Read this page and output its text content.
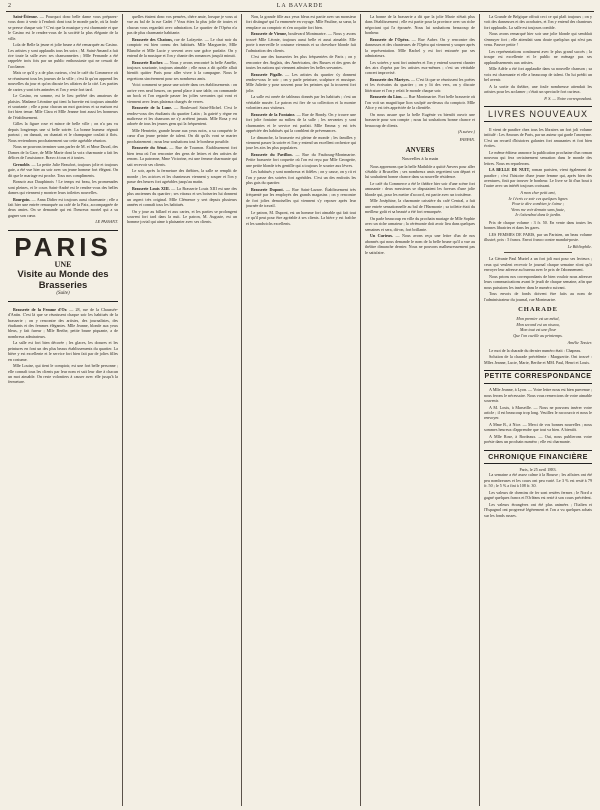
2	LA BAVARDE

Saint-Étienne. — Pourquoi donc belle dame vous préparez-vous donc à venir à l'endroit dont tout le monde parle, où la foule se presse chaque soir ? C'est que la musique y est charmante et que le Casino est le rendez-vous de la société la plus élégante de la ville.

Lola de Belle la jeune et jolie brune a été remarquée au Casino. Les artistes y sont applaudis tous les soirs ; M. Saint-Amand a fait rire toute la salle avec ses chansonnettes ; Mlle Fernande a été rappelée trois fois par un public enthousiaste qui ne cessait de l'acclamer.

Mais ce qu'il y a de plus curieux, c'est le café du Commerce où se réunissent tous les joueurs de la ville ; c'est là qu'on apprend les nouvelles du jour et qu'on discute les affaires de la cité. Les parties de cartes y sont très animées et l'on y reste fort tard.

Le Casino, en somme, est le lieu préféré des amateurs de plaisirs. Madame Léontine qui tient la buvette est toujours aimable et souriante ; elle a pour chacun un mot gracieux et sa maison est fort bien tenue. Mlle Clara et Mlle Jeanne font aussi les honneurs de l'établissement.

Gilles la figure rose et mince de belle ville ; on n'a pas vu depuis longtemps une si belle soirée. La bonne humeur régnait partout ; on dansait, on chantait et le champagne coulait à flots. Nous reviendrons prochainement sur cette agréable réunion.

Nous ne pouvons terminer sans parler de M. et Mme Duval, des Dames de la Gare, de Mlle Marie dont la voix charmante a fait les délices de l'assistance. Bravo à tous et à toutes.

Grenoble. — La petite Julie Beaufort, toujours jolie et toujours gaie, a été vue hier au soir avec un jeune homme fort élégant. On dit que le mariage est proche. Tous nos compliments.

Bonsoir aux Dauphinois ! Le temps est beau, les promenades sont pleines, et le cours Saint-André est le rendez-vous des belles dames qui viennent y montrer leurs toilettes nouvelles.

Bourgoin. — Anna Didier est toujours aussi charmante ; elle a fait hier une entrée remarquée au café de la Paix, accompagnée de deux amies. On se demande qui est l'heureux mortel qui a su gagner son cœur.

LE PASSANT.
PARIS
UNE
Visite au Monde des Brasseries
(Suite)

Brasserie de la Femme d'Or. — 28, rue de la Chaussée-d'Antin. C'est là que se réunissent chaque soir les habitués de la brasserie ; on y rencontre des artistes, des journalistes, des étudiants et des femmes élégantes. Mlle Jeanne, blonde aux yeux bleus, y fait fureur ; Mlle Berthe, petite brune piquante, a de nombreux admirateurs.

La salle est fort bien décorée ; les glaces, les dorures et les peintures en font un des plus beaux établissements du quartier. La bière y est excellente et le service fort bien fait par de jolies filles en costume.

Mlle Louise, qui tient le comptoir, est une fort belle personne ; elle connaît tous les clients par leur nom et sait leur dire à chacun un mot aimable. On reste volontiers à causer avec elle jusqu'à la fermeture.

quelles étaient donc vos pensées, chère amie, lorsque je vous ai vue au bal de la rue Cadet ? Vous étiez la plus jolie de toutes et chacun vous regardait avec admiration. Le quartier de l'Opéra n'a pas de plus charmante habitante.

Brasserie des Chatons, rue de Lafayette. — Le chat noir du comptoir est bien connu des habitués. Mlle Marguerite, Mlle Blanche et Mlle Lucie y servent avec une grâce parfaite. On y entend de la musique et l'on y chante des romances jusqu'à minuit.

Brasserie Rocher. — Nous y avons rencontré la belle Amélie, toujours souriante, toujours aimable ; elle nous a dit qu'elle allait bientôt quitter Paris pour aller vivre à la campagne. Nous le regrettons sincèrement pour ses nombreux amis.

Voici comment se passe une soirée dans ces établissements : on arrive vers neuf heures, on prend place à une table, on commande un bock et l'on regarde passer les jolies servantes qui vont et viennent avec leurs plateaux chargés de verres.

Brasserie de la Lune. — Boulevard Saint-Michel. C'est le rendez-vous des étudiants du quartier Latin ; la gaieté y règne en maîtresse et les chansons ne s'y arrêtent jamais. Mlle Rosa y est adorée de tous les jeunes gens qui la fréquentent.

Mlle Henriette, grande brune aux yeux noirs, a su conquérir le cœur d'un jeune peintre de talent. On dit qu'ils vont se marier prochainement ; nous leur souhaitons tout le bonheur possible.

Brasserie du Sénat. — Rue de Tournon. Établissement fort bien tenu où l'on rencontre des gens de lettres et des artistes de renom. La patronne, Mme Victorine, est une femme charmante qui sait recevoir ses clients.

Le soir, après la fermeture des théâtres, la salle se remplit de monde ; les actrices et les chanteuses viennent y souper et l'on y passe des heures fort agréables jusqu'au matin.

Brasserie Louis XIII. — La Brasserie Louis XIII est une des plus anciennes du quartier ; ses vitraux et ses boiseries lui donnent un aspect très original. Mlle Clémence y sert depuis plusieurs années et connaît tous les habitués.

On y joue au billard et aux cartes, et les parties se prolongent souvent fort tard dans la nuit. Le patron, M. Auguste, est un homme jovial qui aime à plaisanter avec ses clients.

Non, la grande fille aux yeux bleus est partie avec un monsieur fort distingué qui l'a emmenée en voyage. Mlle Pauline, sa sœur, la remplace au comptoir et s'en acquitte fort bien.

Brasserie de Vienne, boulevard Montmartre. — Nous y avons trouvé Mlle Léonie, toujours aussi belle et aussi aimable. Elle porte à merveille le costume viennois et sa chevelure blonde fait l'admiration des clients.

C'est une des brasseries les plus fréquentées de Paris ; on y rencontre des Anglais, des Américains, des Russes et des gens de toutes les nations qui viennent admirer les belles servantes.

Brasserie Pigalle. — Les artistes du quartier s'y donnent rendez-vous le soir ; on y parle peinture, sculpture et musique. Mlle Juliette y pose souvent pour les peintres qui la trouvent fort jolie.

La salle est ornée de tableaux donnés par les habitués ; c'est un véritable musée. Le patron est fier de sa collection et la montre volontiers aux visiteurs.

Brasserie de la Fontaine. — Rue de Bondy. On y trouve une fort jolie fontaine au milieu de la salle ; les servantes y sont charmantes et le service est parfait. Mlle Emma y est très appréciée des habitués qui la comblent de prévenances.

Le dimanche, la brasserie est pleine de monde ; les familles y viennent passer la soirée et l'on y entend un excellent orchestre qui joue les airs les plus populaires.

Brasserie du Pavillon. — Rue du Faubourg-Montmartre. Petite brasserie fort coquette où l'on est reçu par Mlle Georgette, une petite blonde très gentille qui a toujours le sourire aux lèvres.

Les habitués y sont nombreux et fidèles ; on y cause, on y rit et l'on y passe des soirées fort agréables. C'est un des endroits les plus gais du quartier.

Brasserie Dupont. — Rue Saint-Lazare. Établissement très fréquenté par les employés des grands magasins ; on y rencontre de fort jolies demoiselles qui viennent s'y reposer après leur journée de travail.

Le patron, M. Dupont, est un homme fort aimable qui fait tout ce qu'il peut pour être agréable à ses clients. La bière y est fraîche et les sandwichs excellents.

La bonne de la brasserie a dit que la jolie Marie n'était plus dans l'établissement ; elle est partie pour la province avec un riche négociant qui l'a épousée. Nous lui souhaitons beaucoup de bonheur.

Brasserie de l'Opéra. — Rue Auber. On y rencontre des danseuses et des chanteuses de l'Opéra qui viennent y souper après la représentation. Mlle Rachel y est fort entourée par ses admirateurs.

Les soirées y sont fort animées et l'on y entend souvent chanter des airs d'opéra par les artistes eux-mêmes ; c'est un véritable concert improvisé.

Brasserie des Martyrs. — C'est là que se réunissent les poètes et les écrivains du quartier ; on y lit des vers, on y discute littérature et l'on y refait le monde chaque soir.

Brasserie du Lion. — Rue Montmartre. Fort belle brasserie où l'on voit un magnifique lion sculpté au-dessus du comptoir. Mlle Alice y est très appréciée de la clientèle.

On nous assure que la belle Eugénie va bientôt ouvrir une brasserie pour son compte ; nous lui souhaitons bonne chance et beaucoup de clients.

(A suivre.)
FANFAN.
ANVERS
Nouvelles à la main

Nous apprenons que la belle Mathilde a quitté Anvers pour aller s'établir à Bruxelles ; ses nombreux amis regrettent son départ et lui souhaitent bonne chance dans sa nouvelle résidence.

Le café du Commerce a été le théâtre hier soir d'une scène fort amusante : deux messieurs se disputaient les faveurs d'une jolie blonde qui, pour les mettre d'accord, est partie avec un troisième.

Mlle Joséphine, la charmante caissière du café Central, a fait une entrée sensationnelle au bal de l'Harmonie ; sa toilette était du meilleur goût et sa beauté a été fort remarquée.

On parle beaucoup en ville du prochain mariage de Mlle Sophie avec un riche armateur ; la cérémonie doit avoir lieu dans quelques semaines et sera, dit-on, fort brillante.

Un Curieux. — Nous avons reçu une lettre d'un de nos abonnés qui nous demande le nom de la belle brune qu'il a vue au théâtre dimanche dernier. Nous ne pouvons malheureusement pas le satisfaire.

La Grande de Belgique offrait ceci ce qui plaît toujours ; on y voit des danseuses et des acrobates, et l'on y entend des chanteurs fort applaudis. La salle est toujours comble.

Nous avons remarqué hier soir une jolie blonde qui semblait s'ennuyer fort ; elle attendait sans doute quelqu'un qui n'est pas venu. Pauvre petite !

Les représentations continuent avec le plus grand succès ; la troupe est excellente et le public ne ménage pas ses applaudissements aux artistes.

Mlle Adèle a été fort applaudie dans sa nouvelle chanson ; sa voix est charmante et elle a beaucoup de talent. On lui prédit un bel avenir.

A la sortie du théâtre, une foule nombreuse attendait les artistes pour les acclamer ; c'était un spectacle fort curieux.

P. S. — Notre correspondant.
LIVRES NOUVEAUX

Il vient de paraître chez tous les libraires un fort joli volume intitulé : Les Amours de Paris, par un auteur qui garde l'anonyme. C'est un recueil d'histoires galantes fort amusantes et fort bien écrites.

Le même éditeur annonce la publication prochaine d'un roman nouveau qui fera certainement sensation dans le monde des lettres. Nous en reparlerons.

LA BELLE DE NUIT, roman parisien, vient également de paraître ; c'est l'histoire d'une jeune femme qui, après bien des aventures, finit par trouver le bonheur. Le livre se lit d'un bout à l'autre avec un intérêt toujours croissant.

A mon cher petit ami,
Je t'écris ce soir ces quelques lignes
Pour te dire combien je t'aime ;
Viens me voir demain sans faute,
Je t'attendrai dans le jardin.

Prix de chaque volume : 3 fr. 50. En vente dans toutes les bonnes librairies et dans les gares.

LES FEMMES DE PARIS, par un Parisien, un beau volume illustré, prix : 5 francs. Envoi franco contre mandat-poste.

Le Bibliophile.

La Gérante Paul Muriel a un fort joli mot pour ses lecteurs ; ceux qui veulent recevoir le journal chaque semaine n'ont qu'à envoyer leur adresse au bureau avec le prix de l'abonnement.

Nous prions nos correspondants de bien vouloir nous adresser leurs communications avant le jeudi de chaque semaine, afin que nous puissions les insérer dans le numéro suivant.

Tous envois de fonds doivent être faits au nom de l'administrateur du journal, rue Montmartre.

CHARADE
Mon premier est un métal,
Mon second est un oiseau,
Mon tout est une fleur
Que l'on cueille au printemps.
Amélie Tessier.

Le mot de la charade du dernier numéro était : Chapeau.

Solution de la charade précédente : Marguerite. Ont trouvé : Mlles Jeanne, Lucie, Marie, Berthe et MM. Paul, Henri et Louis.

PETITE CORRESPONDANCE

A Mlle Jeanne, à Lyon. — Votre lettre nous est bien parvenue ; nous ferons le nécessaire. Nous vous remercions de votre aimable souvenir.

A M. Louis, à Marseille. — Nous ne pouvons insérer votre article ; il est beaucoup trop long. Veuillez le raccourcir et nous le renvoyer.

A Mme B., à Nice. — Merci de vos bonnes nouvelles ; nous sommes heureux d'apprendre que tout va bien. A bientôt.

A Mlle Rose, à Bordeaux. — Oui, nous publierons votre poésie dans un prochain numéro ; elle est charmante.

CHRONIQUE FINANCIÈRE
Paris, le 25 avril 1883.

La semaine a été assez calme à la Bourse ; les affaires ont été peu nombreuses et les cours ont peu varié. Le 3 % est resté à 79 fr. 50 ; le 5 % a fini à 108 fr. 30.

Les valeurs de chemins de fer sont restées fermes ; le Nord a gagné quelques francs et l'Orléans est resté à son cours précédent.

Les valeurs étrangères ont été plus animées ; l'Italien et l'Espagnol ont progressé légèrement et l'on a vu quelques achats sur les fonds russes.
